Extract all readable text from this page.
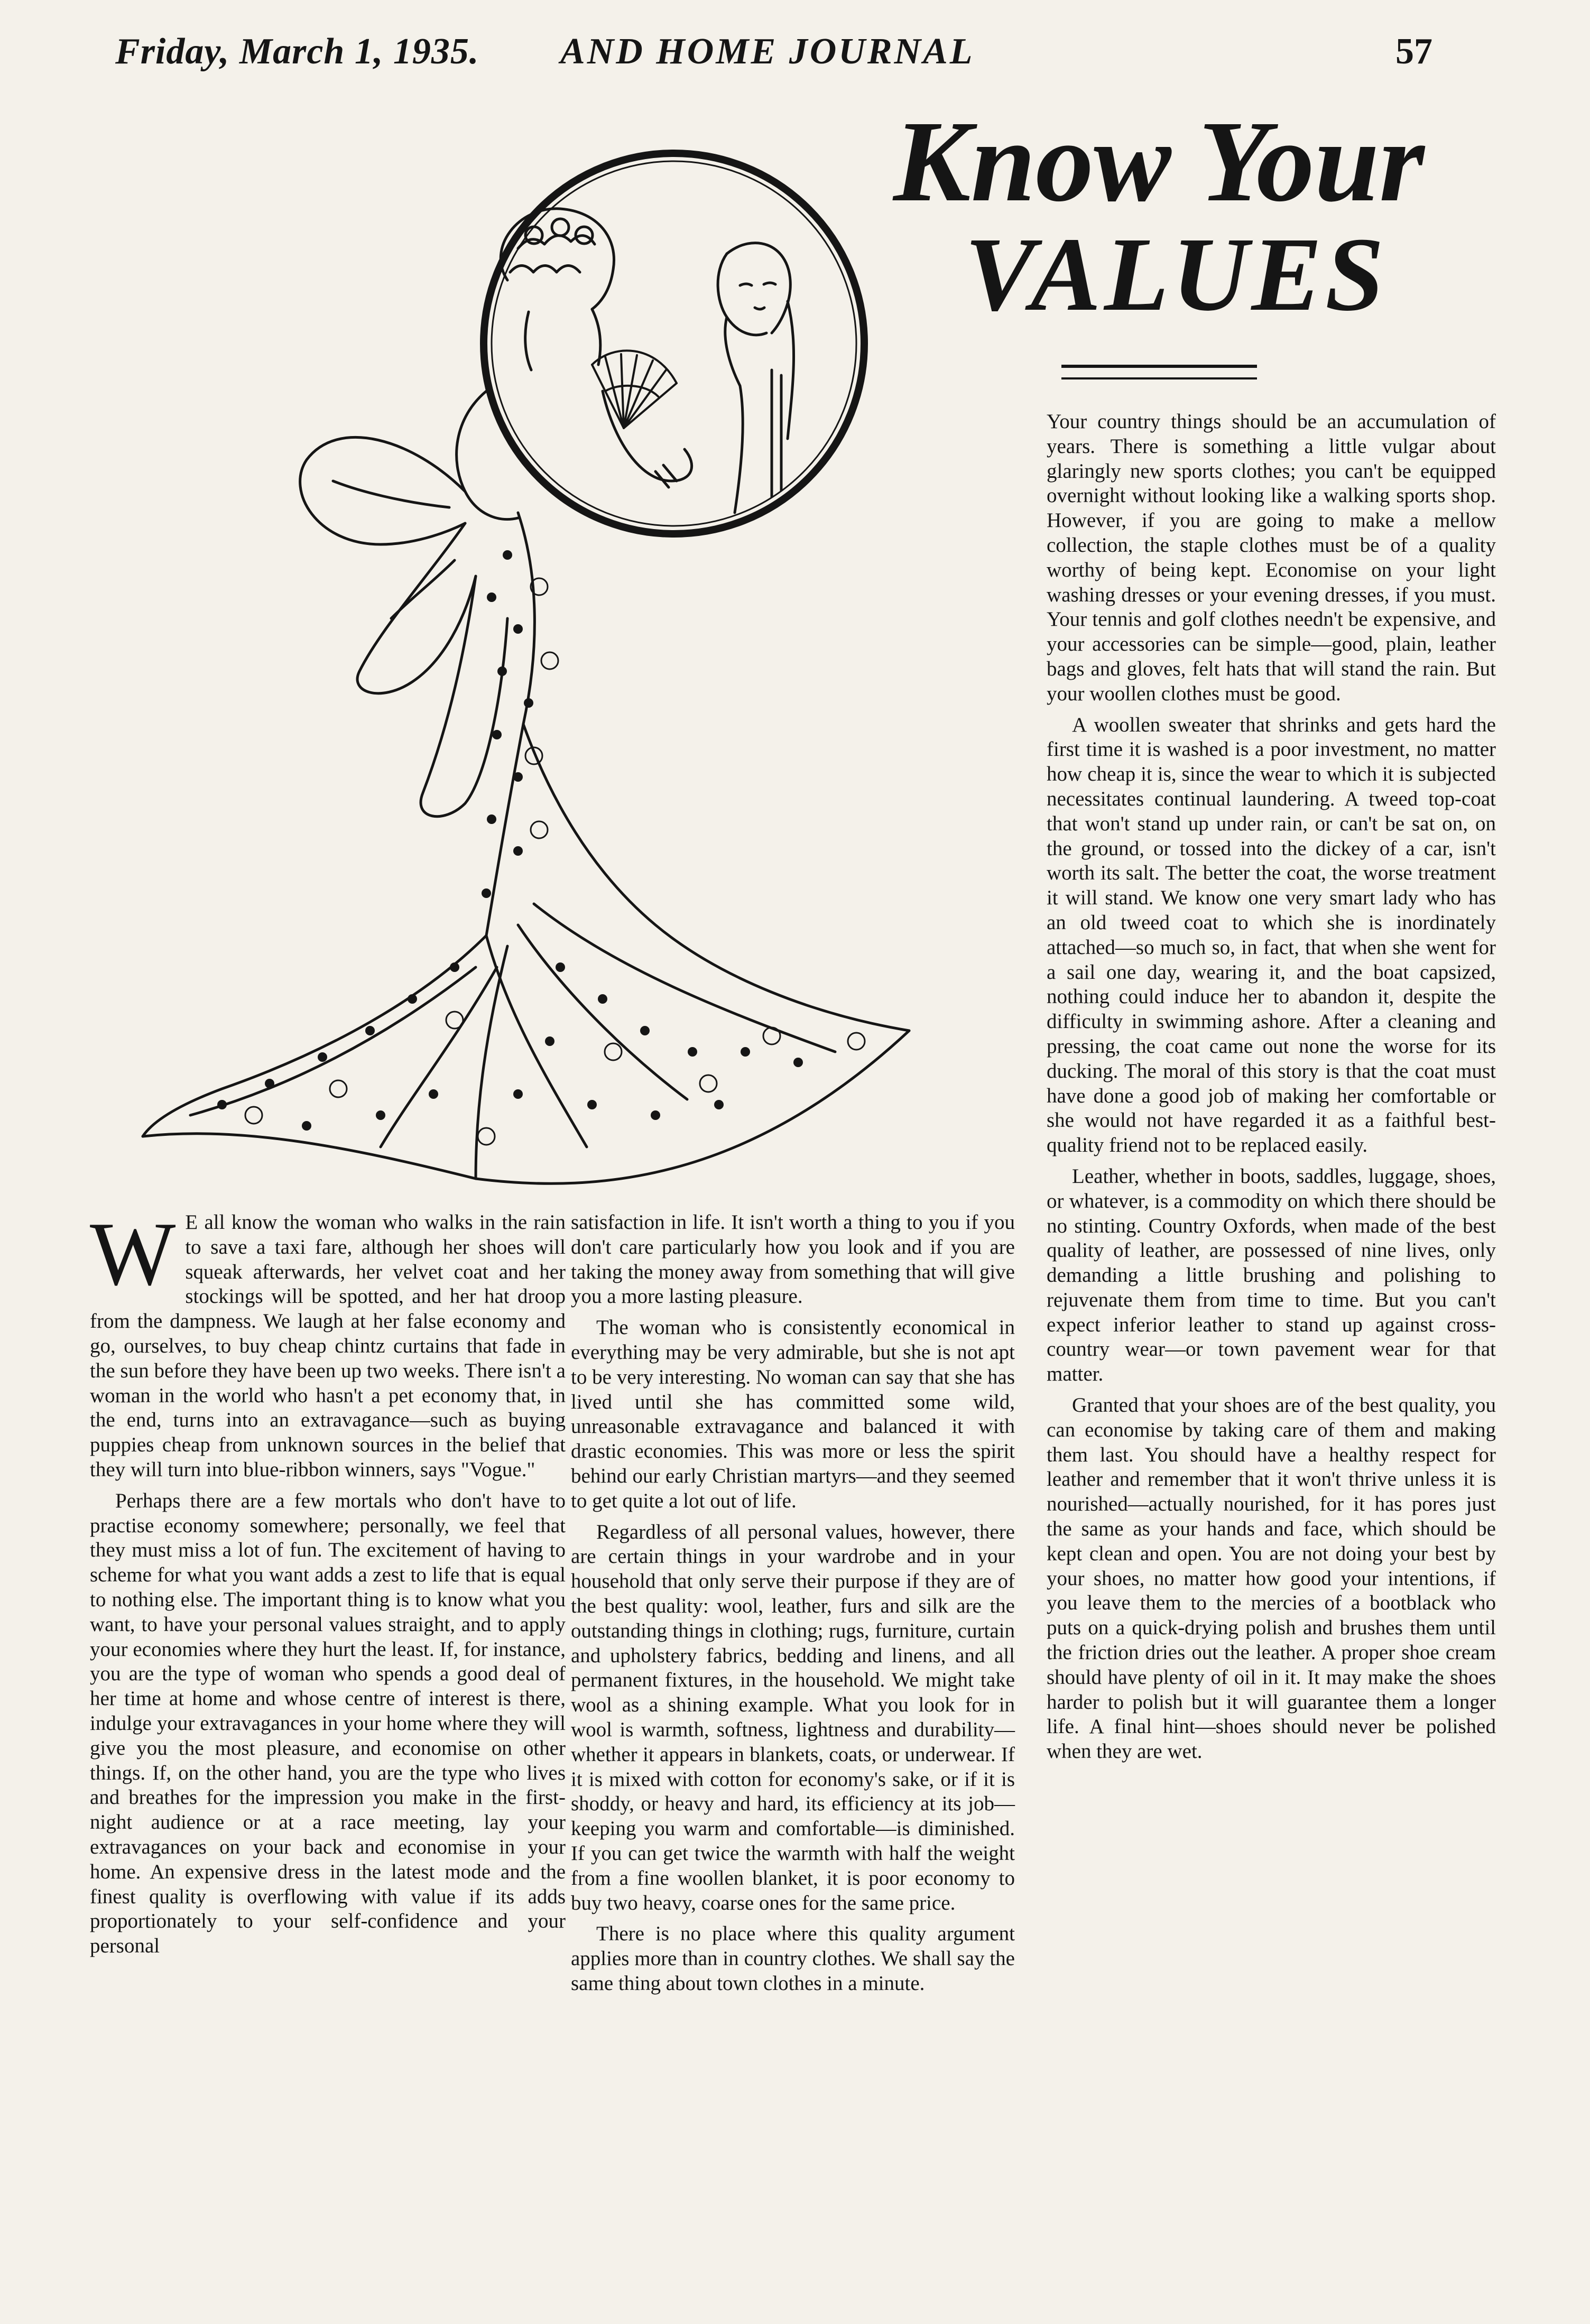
Friday, March 1, 1935. AND HOME JOURNAL	57
Know Your
VALUES

W E all know the woman who walks in the rain to save a taxi fare, although her shoes will squeak afterwards, her velvet coat and her stockings will be spotted, and her hat droop from the dampness. We laugh at her false economy and go, ourselves, to buy cheap chintz curtains that fade in the sun before they have been up two weeks. There isn't a woman in the world who hasn't a pet economy that, in the end, turns into an extravagance—such as buying puppies cheap from unknown sources in the belief that they will turn into blue-ribbon winners, says "Vogue."

Perhaps there are a few mortals who don't have to practise economy somewhere; personally, we feel that they must miss a lot of fun. The excitement of having to scheme for what you want adds a zest to life that is equal to nothing else. The important thing is to know what you want, to have your personal values straight, and to apply your economies where they hurt the least. If, for instance, you are the type of woman who spends a good deal of her time at home and whose centre of interest is there, indulge your extravagances in your home where they will give you the most pleasure, and economise on other things. If, on the other hand, you are the type who lives and breathes for the impression you make in the first-night audience or at a race meeting, lay your extravagances on your back and economise in your home. An expensive dress in the latest mode and the finest quality is overflowing with value if its adds proportionately to your self-confidence and your personal

satisfaction in life. It isn't worth a thing to you if you don't care particularly how you look and if you are taking the money away from something that will give you a more lasting pleasure.

The woman who is consistently economical in everything may be very admirable, but she is not apt to be very interesting. No woman can say that she has lived until she has committed some wild, unreasonable extravagance and balanced it with drastic economies. This was more or less the spirit behind our early Christian martyrs—and they seemed to get quite a lot out of life.

Regardless of all personal values, however, there are certain things in your wardrobe and in your household that only serve their purpose if they are of the best quality: wool, leather, furs and silk are the outstanding things in clothing; rugs, furniture, curtain and upholstery fabrics, bedding and linens, and all permanent fixtures, in the household. We might take wool as a shining example. What you look for in wool is warmth, softness, lightness and durability—whether it appears in blankets, coats, or underwear. If it is mixed with cotton for economy's sake, or if it is shoddy, or heavy and hard, its efficiency at its job—keeping you warm and comfortable—is diminished. If you can get twice the warmth with half the weight from a fine woollen blanket, it is poor economy to buy two heavy, coarse ones for the same price.

There is no place where this quality argument applies more than in country clothes. We shall say the same thing about town clothes in a minute.

Your country things should be an accumulation of years. There is something a little vulgar about glaringly new sports clothes; you can't be equipped overnight without looking like a walking sports shop. However, if you are going to make a mellow collection, the staple clothes must be of a quality worthy of being kept. Economise on your light washing dresses or your evening dresses, if you must. Your tennis and golf clothes needn't be expensive, and your accessories can be simple—good, plain, leather bags and gloves, felt hats that will stand the rain. But your woollen clothes must be good.

A woollen sweater that shrinks and gets hard the first time it is washed is a poor investment, no matter how cheap it is, since the wear to which it is subjected necessitates continual laundering. A tweed top-coat that won't stand up under rain, or can't be sat on, on the ground, or tossed into the dickey of a car, isn't worth its salt. The better the coat, the worse treatment it will stand. We know one very smart lady who has an old tweed coat to which she is inordinately attached—so much so, in fact, that when she went for a sail one day, wearing it, and the boat capsized, nothing could induce her to abandon it, despite the difficulty in swimming ashore. After a cleaning and pressing, the coat came out none the worse for its ducking. The moral of this story is that the coat must have done a good job of making her comfortable or she would not have regarded it as a faithful best-quality friend not to be replaced easily.

Leather, whether in boots, saddles, luggage, shoes, or whatever, is a commodity on which there should be no stinting. Country Oxfords, when made of the best quality of leather, are possessed of nine lives, only demanding a little brushing and polishing to rejuvenate them from time to time. But you can't expect inferior leather to stand up against cross-country wear—or town pavement wear for that matter.

Granted that your shoes are of the best quality, you can economise by taking care of them and making them last. You should have a healthy respect for leather and remember that it won't thrive unless it is nourished—actually nourished, for it has pores just the same as your hands and face, which should be kept clean and open. You are not doing your best by your shoes, no matter how good your intentions, if you leave them to the mercies of a bootblack who puts on a quick-drying polish and brushes them until the friction dries out the leather. A proper shoe cream should have plenty of oil in it. It may make the shoes harder to polish but it will guarantee them a longer life. A final hint—shoes should never be polished when they are wet.
